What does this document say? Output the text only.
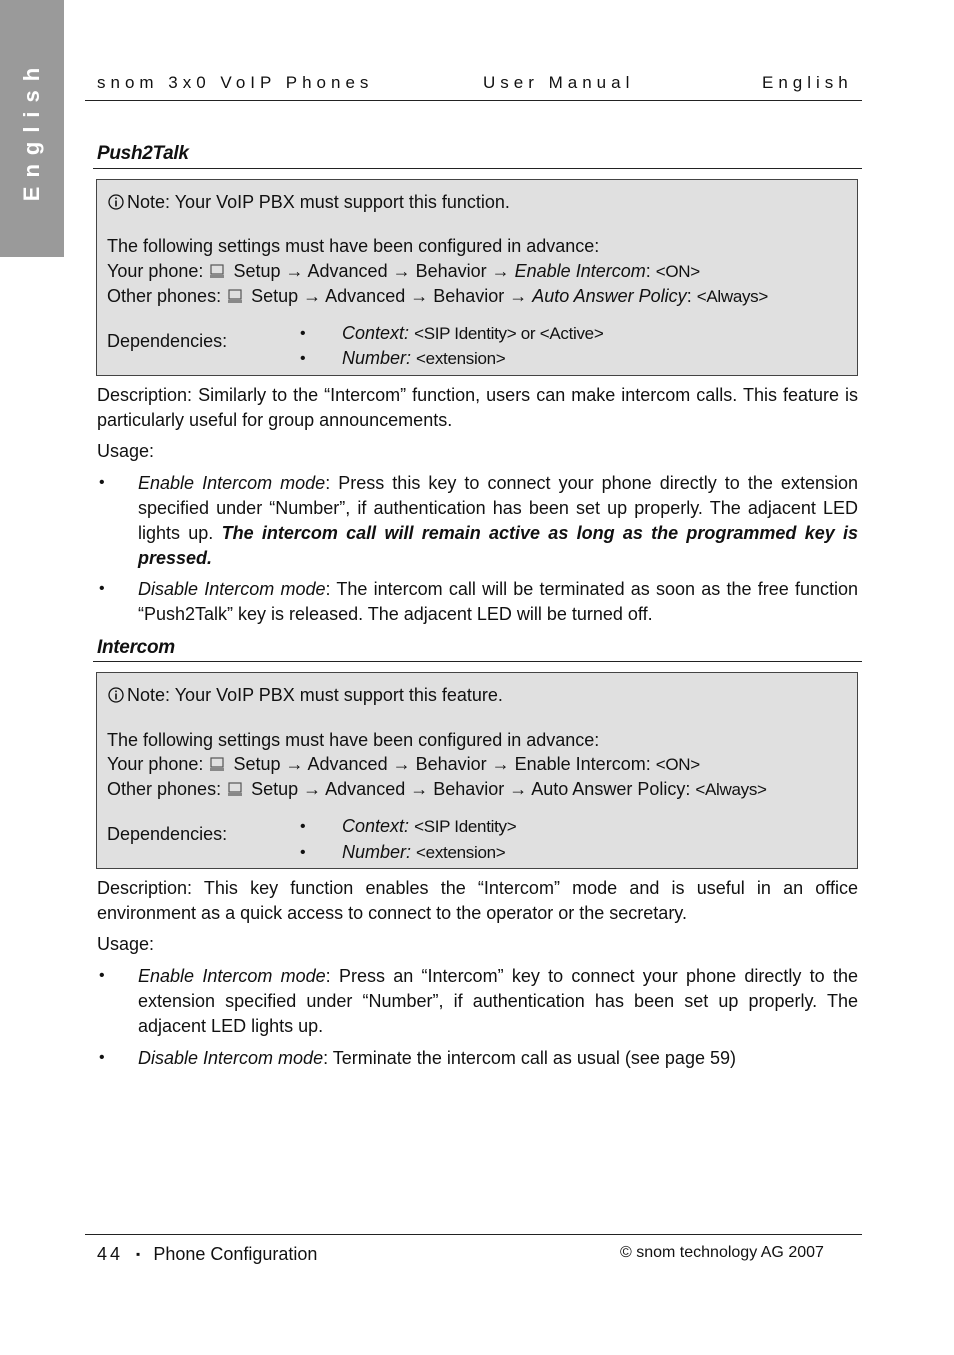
English	snom 3x0 VoIP Phones	User Manual	English
Push2Talk
Note: Your VoIP PBX must support this function.
The following settings must have been configured in advance:
Your phone: Setup → Advanced → Behavior → Enable Intercom: <ON>
Other phones: Setup → Advanced → Behavior → Auto Answer Policy: <Always>
Dependencies:	• Context: <SIP Identity> or <Active>
• Number: <extension>
Description: Similarly to the “Intercom” function, users can make intercom calls. This feature is particularly useful for group announcements.
Usage:
• Enable Intercom mode: Press this key to connect your phone directly to the extension specified under “Number”, if authentication has been set up properly. The adjacent LED lights up. The intercom call will remain active as long as the programmed key is pressed.
• Disable Intercom mode: The intercom call will be terminated as soon as the free function “Push2Talk” key is released. The adjacent LED will be turned off.
Intercom
Note: Your VoIP PBX must support this feature.
The following settings must have been configured in advance:
Your phone: Setup → Advanced → Behavior → Enable Intercom: <ON>
Other phones: Setup → Advanced → Behavior → Auto Answer Policy: <Always>
Dependencies:	• Context: <SIP Identity>
• Number: <extension>
Description: This key function enables the “Intercom” mode and is useful in an office environment as a quick access to connect to the operator or the secretary.
Usage:
• Enable Intercom mode: Press an “Intercom” key to connect your phone directly to the extension specified under “Number”, if authentication has been set up properly. The adjacent LED lights up.
• Disable Intercom mode: Terminate the intercom call as usual (see page 59)
44 ▪ Phone Configuration	© snom technology AG 2007
